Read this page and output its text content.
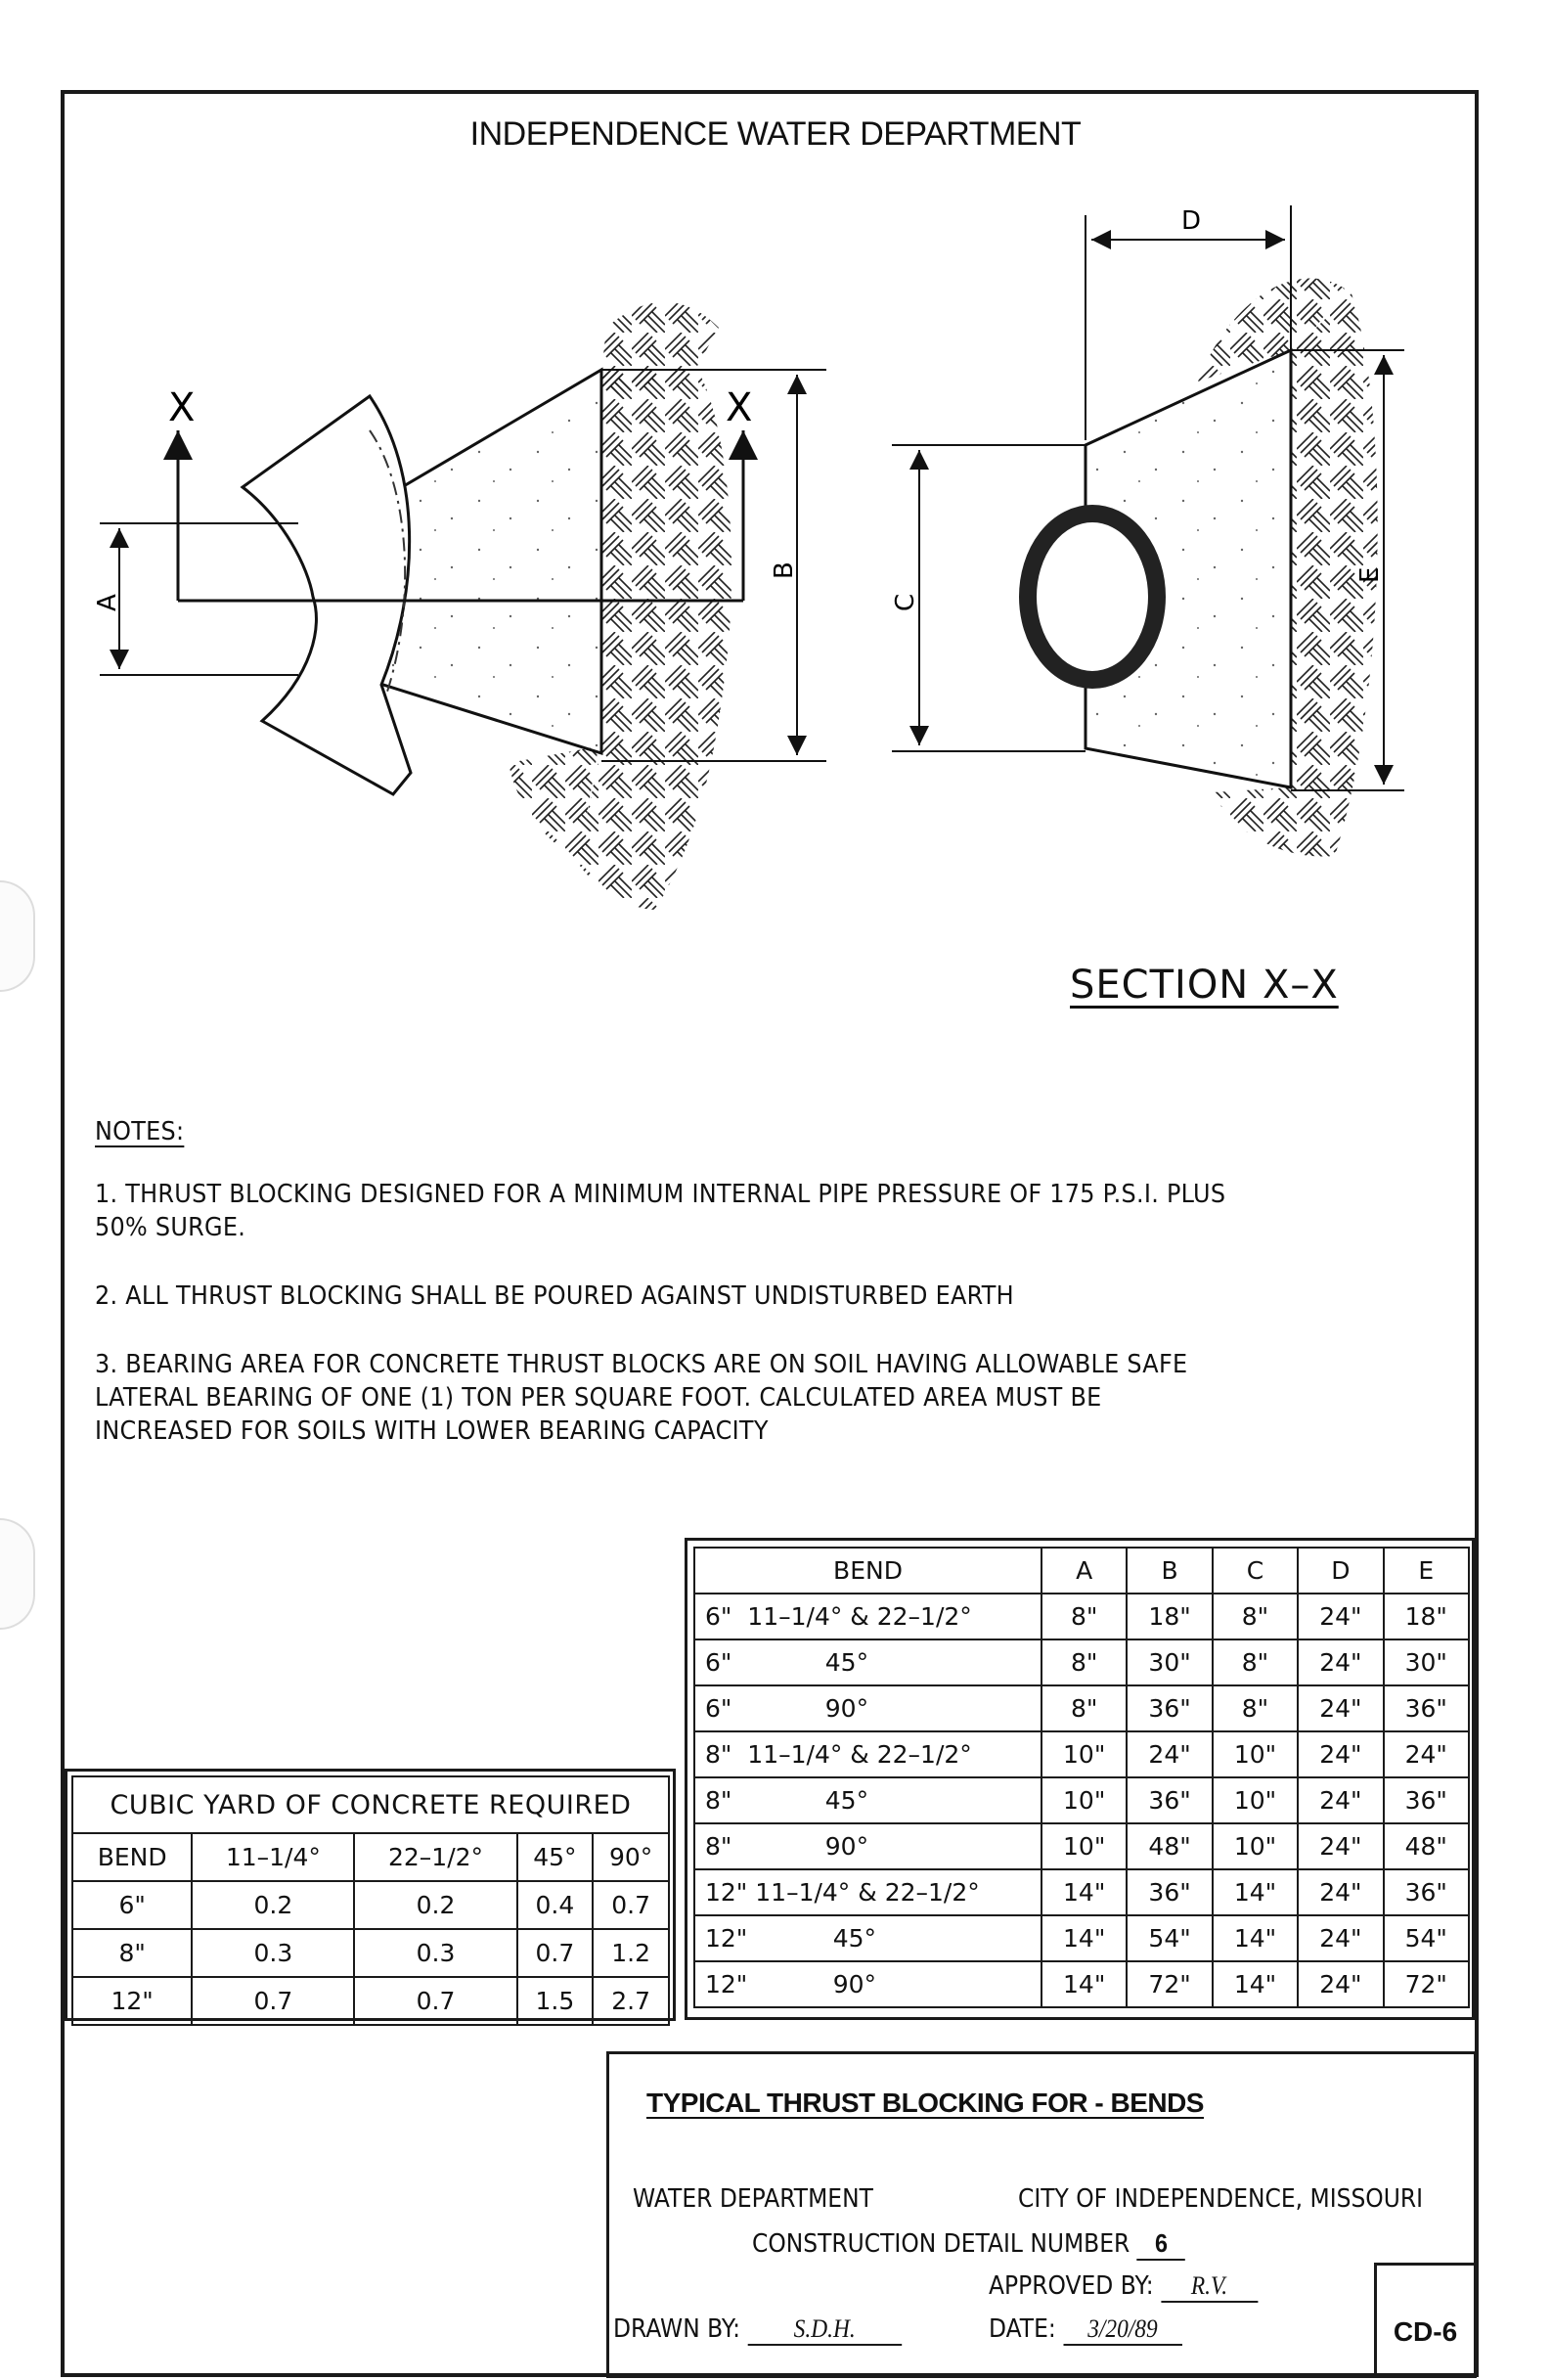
INDEPENDENCE WATER DEPARTMENT
X	X
A
B
C
D
E
SECTION X–X
NOTES:
1. THRUST BLOCKING DESIGNED FOR A MINIMUM INTERNAL PIPE PRESSURE OF 175 P.S.I. PLUS 50% SURGE.
2. ALL THRUST BLOCKING SHALL BE POURED AGAINST UNDISTURBED EARTH
3. BEARING AREA FOR CONCRETE THRUST BLOCKS ARE ON SOIL HAVING ALLOWABLE SAFE LATERAL BEARING OF ONE (1) TON PER SQUARE FOOT. CALCULATED AREA MUST BE INCREASED FOR SOILS WITH LOWER BEARING CAPACITY
BEND	A	B	C	D	E
6"  11–1/4° & 22–1/2°	8"	18"	8"	24"	18"
6"            45°	8"	30"	8"	24"	30"
6"            90°	8"	36"	8"	24"	36"
8"  11–1/4° & 22–1/2°	10"	24"	10"	24"	24"
8"            45°	10"	36"	10"	24"	36"
8"            90°	10"	48"	10"	24"	48"
12" 11–1/4° & 22–1/2°	14"	36"	14"	24"	36"
12"           45°	14"	54"	14"	24"	54"
12"           90°	14"	72"	14"	24"	72"
CUBIC YARD OF CONCRETE REQUIRED				
BEND	11–1/4°	22–1/2°	45°	90°
6"	0.2	0.2	0.4	0.7
8"	0.3	0.3	0.7	1.2
12"	0.7	0.7	1.5	2.7
TYPICAL THRUST BLOCKING FOR - BENDS
WATER DEPARTMENT	CITY OF INDEPENDENCE, MISSOURI
CONSTRUCTION DETAIL NUMBER 6
APPROVED BY: R.V.
DRAWN BY: S.D.H.	DATE: 3/20/89	CD-6
